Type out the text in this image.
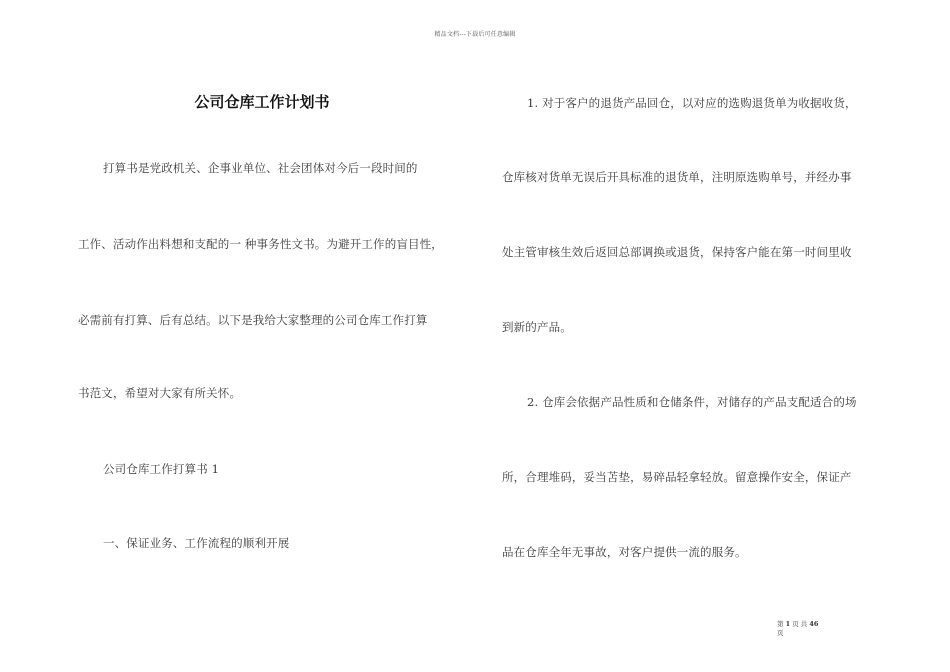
精品文档---下载后可任意编辑
公司仓库工作计划书
打算书是党政机关、企事业单位、社会团体对今后一段时间的
工作、活动作出料想和支配的一 种事务性文书。为避开工作的盲目性，
必需前有打算、后有总结。以下是我给大家整理的公司仓库工作打算
书范文，希望对大家有所关怀。
公司仓库工作打算书 1
一、保证业务、工作流程的顺利开展
1. 对于客户的退货产品回仓，以对应的选购退货单为收据收货，
仓库核对货单无误后开具标准的退货单，注明原选购单号，并经办事
处主管审核生效后返回总部调换或退货，保持客户能在第一时间里收
到新的产品。
2. 仓库会依据产品性质和仓储条件，对储存的产品支配适合的场
所，合理堆码，妥当苫垫，易碎品轻拿轻放。留意操作安全，保证产
品在仓库全年无事故，对客户提供一流的服务。
第 1 页 共 46
页
